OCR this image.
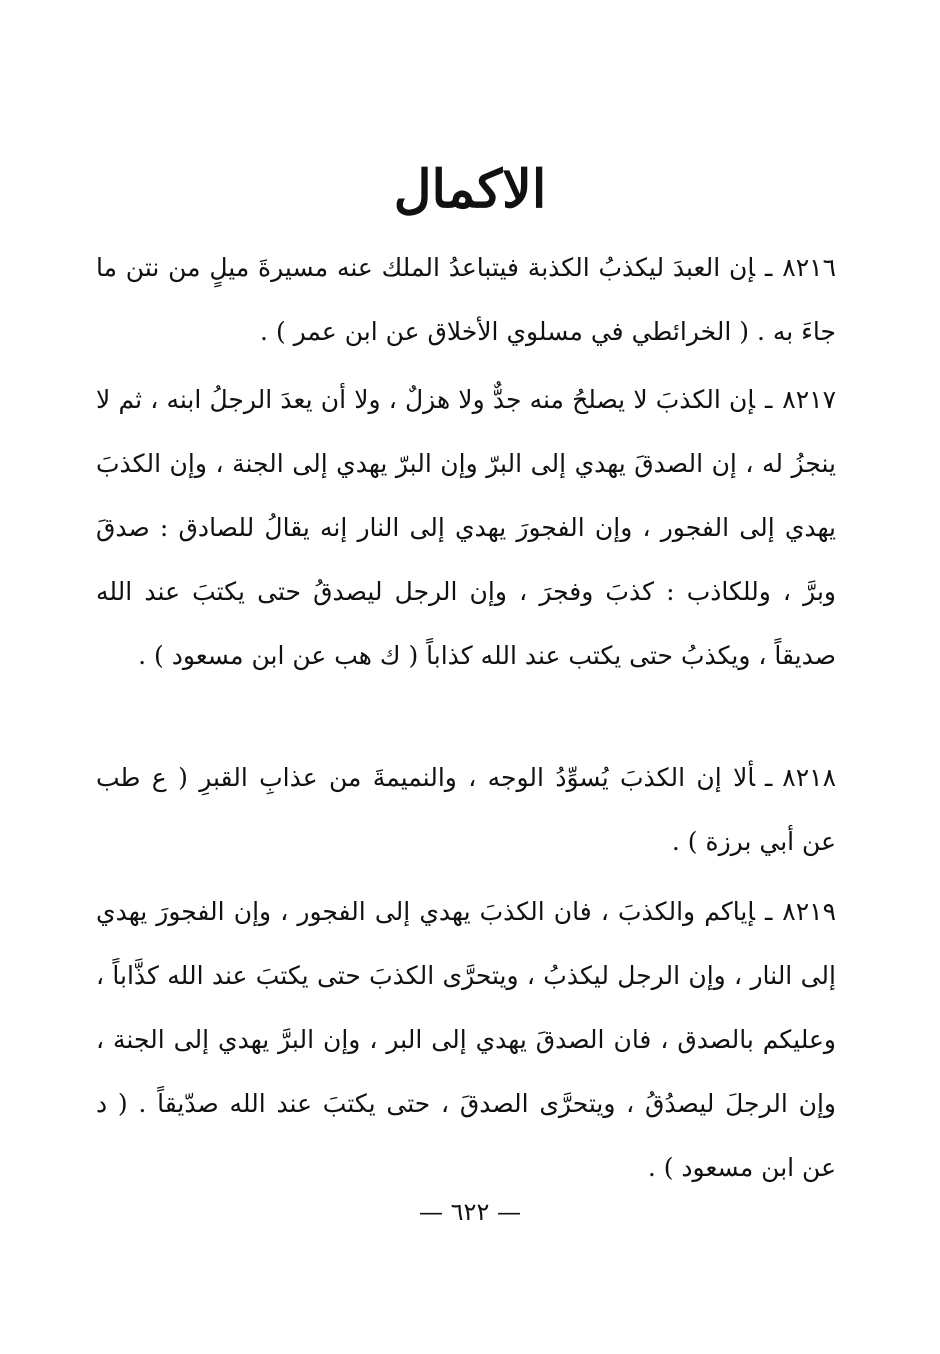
الاكمال

٨٢١٦ـإن العبدَ ليكذبُ الكذبة فيتباعدُ الملك عنه مسيرةَ ميلٍ من نتن ما جاءَ به . ( الخرائطي في مسلوي الأخلاق عن ابن عمر ) .

٨٢١٧ـإن الكذبَ لا يصلحُ منه جدٌّ ولا هزلٌ ، ولا أن يعدَ الرجلُ ابنه ، ثم لا ينجزُ له ، إن الصدقَ يهدي إلى البرّ وإن البرّ يهدي إلى الجنة ، وإن الكذبَ يهدي إلى الفجور ، وإن الفجورَ يهدي إلى النار إنه يقالُ للصادق : صدقَ وبرَّ ، وللكاذب : كذبَ وفجرَ ، وإن الرجل ليصدقُ حتى يكتبَ عند الله صديقاً ، ويكذبُ حتى يكتب عند الله كذاباً ( ك هب عن ابن مسعود ) .

٨٢١٨ـألا إن الكذبَ يُسوِّدُ الوجه ، والنميمةَ من عذابِ القبرِ ( ع طب عن أبي برزة ) .

٨٢١٩ـإياكم والكذبَ ، فان الكذبَ يهدي إلى الفجور ، وإن الفجورَ يهدي إلى النار ، وإن الرجل ليكذبُ ، ويتحرَّى الكذبَ حتى يكتبَ عند الله كذَّاباً ، وعليكم بالصدق ، فان الصدقَ يهدي إلى البر ، وإن البرَّ يهدي إلى الجنة ، وإن الرجلَ ليصدُقُ ، ويتحرَّى الصدقَ ، حتى يكتبَ عند الله صدّيقاً . ( د عن ابن مسعود ) .

— ٦٢٢ —
